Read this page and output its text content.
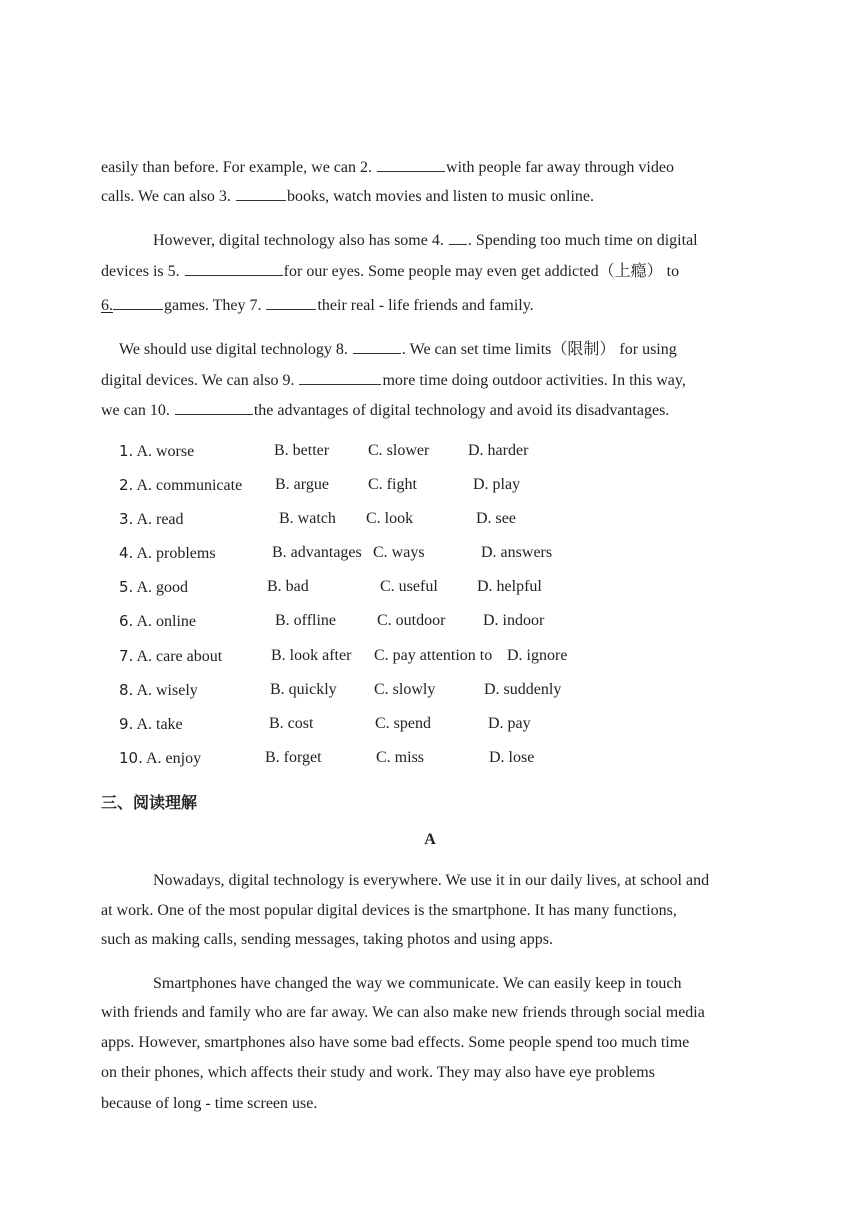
easily than before. For example, we can 2.	with people far away through video
calls. We can also 3.	books, watch movies and listen to music online.
However, digital technology also has some 4. . Spending too much time on digital
devices is 5.	for our eyes. Some people may even get addicted（上瘾） to
6.	games. They 7.	their real - life friends and family.
We should use digital technology 8.	. We can set time limits（限制） for using
digital devices. We can also 9.	more time doing outdoor activities. In this way,
we can 10.	the advantages of digital technology and avoid its disadvantages.
1. A. worse	B. better C. slower D. harder
2. A. communicate B. argue C. fight	D. play
3. A. read	B. watch C. look	D. see
4. A. problems	B. advantages C. ways	D. answers
5. A. good	B. bad	C. useful D. helpful
6. A. online	B. offline	C. outdoor D. indoor
7. A. care about	B. look after C. pay attention to D. ignore
8. A. wisely	B. quickly C. slowly	D. suddenly
9. A. take	B. cost	C. spend	D. pay
10. A. enjoy	B. forget	C. miss	D. lose
三、阅读理解
A
Nowadays, digital technology is everywhere. We use it in our daily lives, at school and
at work. One of the most popular digital devices is the smartphone. It has many functions,
such as making calls, sending messages, taking photos and using apps.
Smartphones have changed the way we communicate. We can easily keep in touch
with friends and family who are far away. We can also make new friends through social media
apps. However, smartphones also have some bad effects. Some people spend too much time
on their phones, which affects their study and work. They may also have eye problems
because of long - time screen use.
